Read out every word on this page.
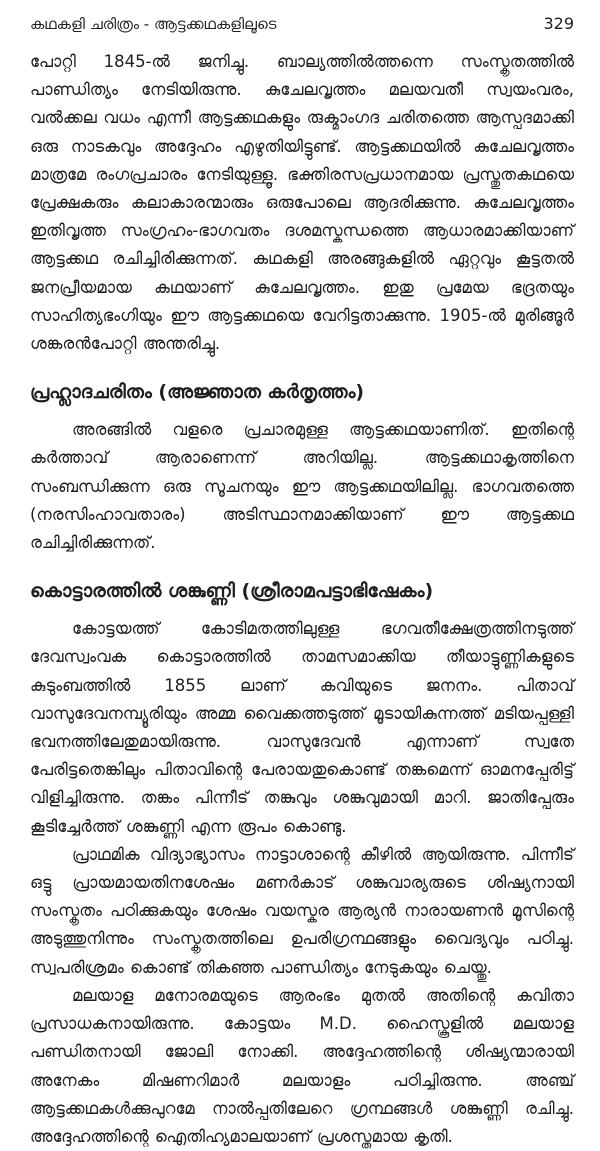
കഥകളി ചരിത്രം - ആട്ടക്കഥകളിലൂടെ	329

പോറ്റി 1845-ൽ ജനിച്ചു. ബാല്യത്തിൽത്തന്നെ സംസ്കൃതത്തിൽ പാണ്ഡിത്യം നേടിയിരുന്നു. കുചേലവൃത്തം മലയവതീ സ്വയംവരം, വൽക്കല വധം എന്നീ ആട്ടക്കഥകളും രുക്മാംഗദ ചരിതത്തെ ആസ്പദമാക്കി ഒരു നാടകവും അദ്ദേഹം എഴുതിയിട്ടുണ്ട്. ആട്ടക്കഥയിൽ കുചേലവൃത്തം മാത്രമേ രംഗപ്രചാരം നേടിയുള്ളൂ. ഭക്തിരസപ്രധാനമായ പ്രസ്തുതകഥയെ പ്രേക്ഷകരും കലാകാരന്മാരും ഒരുപോലെ ആദരിക്കുന്നു. കുചേലവൃത്തം ഇതിവൃത്ത സംഗ്രഹം-ഭാഗവതം ദശമസ്കന്ധത്തെ ആധാരമാക്കിയാണ് ആട്ടക്കഥ രചിച്ചിരിക്കുന്നത്. കഥകളി അരങ്ങുകളിൽ ഏറ്റവും കൂട്ടതൽ ജനപ്രീയമായ കഥയാണ് കുചേലവൃത്തം. ഇതു പ്രമേയ ഭദ്രതയും സാഹിത്യഭംഗിയും ഈ ആട്ടക്കഥയെ വേറിട്ടതാക്കുന്നു. 1905-ൽ മുരിങ്ങൂർ ശങ്കരൻപോറ്റി അന്തരിച്ചു.

പ്രഹ്ലാദചരിതം (അജ്ഞാത കർതൃത്തം)

അരങ്ങിൽ വളരെ പ്രചാരമുള്ള ആട്ടക്കഥയാണിത്. ഇതിന്റെ കർത്താവ് ആരാണെന്ന് അറിയില്ല. ആട്ടക്കഥാകൃത്തിനെ സംബന്ധിക്കുന്ന ഒരു സൂചനയും ഈ ആട്ടക്കഥയിലില്ല. ഭാഗവതത്തെ (നരസിംഹാവതാരം) അടിസ്ഥാനമാക്കിയാണ് ഈ ആട്ടക്കഥ രചിച്ചിരിക്കുന്നത്.

കൊട്ടാരത്തിൽ ശങ്കുണ്ണി (ശ്രീരാമപട്ടാഭിഷേകം)

കോട്ടയത്ത് കോടിമതത്തിലുള്ള ഭഗവതീക്ഷേത്രത്തിനടുത്ത് ദേവസ്വംവക കൊട്ടാരത്തിൽ താമസമാക്കിയ തീയാട്ടുണ്ണികളുടെ കുടുംബത്തിൽ 1855 ലാണ് കവിയുടെ ജനനം. പിതാവ് വാസുദേവനമ്പ്യൂരിയും അമ്മ വൈക്കത്തടുത്ത് മൂടായികുന്നത്ത് മടിയപ്പള്ളി ഭവനത്തിലേതുമായിരുന്നു. വാസുദേവൻ എന്നാണ് സ്വതേ പേരിട്ടതെങ്കിലും പിതാവിന്റെ പേരായതുകൊണ്ട് തങ്കമെന്ന് ഓമനപ്പേരിട്ട് വിളിച്ചിരുന്നു. തങ്കം പിന്നീട് തങ്കുവും ശങ്കുവുമായി മാറി. ജാതിപ്പേരും കൂടിച്ചേർത്ത് ശങ്കുണ്ണി എന്ന രൂപം കൊണ്ടു.

പ്രാഥമിക വിദ്യാഭ്യാസം നാട്ടാശാന്റെ കീഴിൽ ആയിരുന്നു. പിന്നീട് ഒട്ടു പ്രായമായതിനശേഷം മണർകാട് ശങ്കുവാര്യരുടെ ശിഷ്യനായി സംസ്കൃതം പഠിക്കുകയും ശേഷം വയസ്കര ആര്യൻ നാരായണൻ മൂസിന്റെ അടുത്തുനിന്നും സംസ്കൃതത്തിലെ ഉപരിഗ്രന്ഥങ്ങളും വൈദ്യവും പഠിച്ചു. സ്വപരിശ്രമം കൊണ്ട് തികഞ്ഞ പാണ്ഡിത്യം നേടുകയും ചെയ്തു.

മലയാള മനോരമയുടെ ആരംഭം മുതൽ അതിന്റെ കവിതാ പ്രസാധകനായിരുന്നു. കോട്ടയം M.D. ഹൈസ്കൂളിൽ മലയാള പണ്ഡിതനായി ജോലി നോക്കി. അദ്ദേഹത്തിന്റെ ശിഷ്യന്മാരായി അനേകം മിഷണറിമാർ മലയാളം പഠിച്ചിരുന്നു. അഞ്ച് ആട്ടക്കഥകൾക്കുപുറമേ നാൽപ്പതിലേറെ ഗ്രന്ഥങ്ങൾ ശങ്കുണ്ണി രചിച്ചു. അദ്ദേഹത്തിന്റെ ഐതിഹ്യമാലയാണ് പ്രശസ്തമായ കൃതി.
